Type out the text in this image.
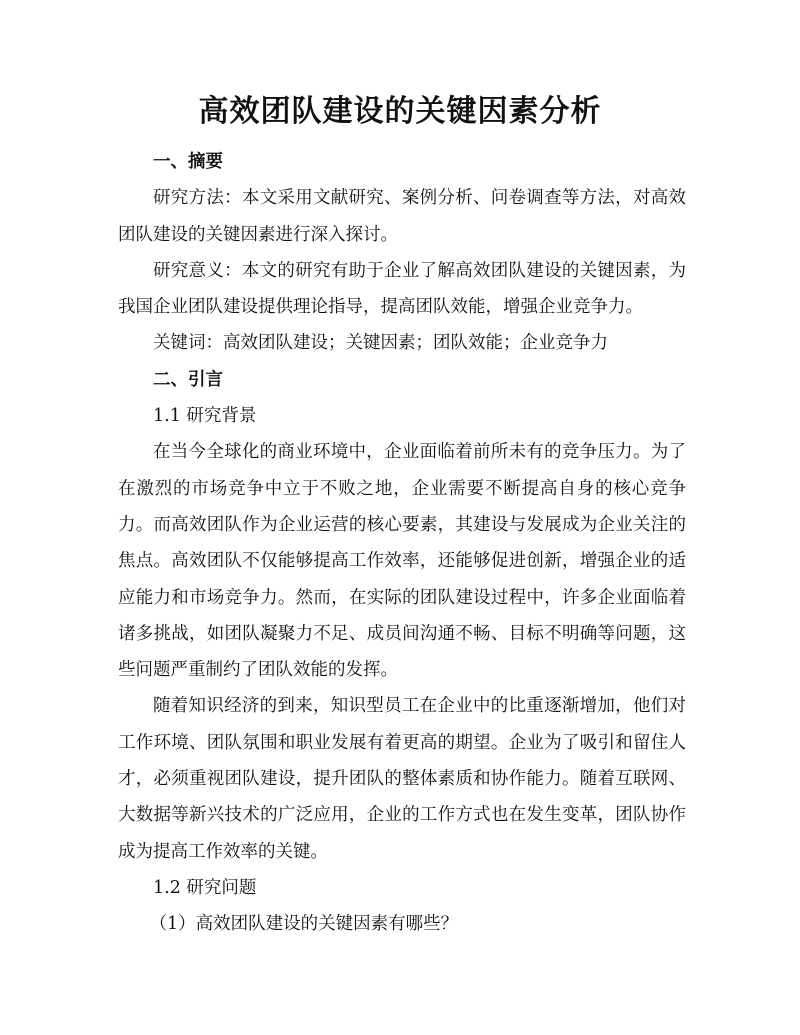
高效团队建设的关键因素分析

一、摘要

研究方法：本文采用文献研究、案例分析、问卷调查等方法，对高效团队建设的关键因素进行深入探讨。

研究意义：本文的研究有助于企业了解高效团队建设的关键因素，为我国企业团队建设提供理论指导，提高团队效能，增强企业竞争力。

关键词：高效团队建设；关键因素；团队效能；企业竞争力

二、引言

1.1 研究背景

在当今全球化的商业环境中，企业面临着前所未有的竞争压力。为了在激烈的市场竞争中立于不败之地，企业需要不断提高自身的核心竞争力。而高效团队作为企业运营的核心要素，其建设与发展成为企业关注的焦点。高效团队不仅能够提高工作效率，还能够促进创新，增强企业的适应能力和市场竞争力。然而，在实际的团队建设过程中，许多企业面临着诸多挑战，如团队凝聚力不足、成员间沟通不畅、目标不明确等问题，这些问题严重制约了团队效能的发挥。

随着知识经济的到来，知识型员工在企业中的比重逐渐增加，他们对工作环境、团队氛围和职业发展有着更高的期望。企业为了吸引和留住人才，必须重视团队建设，提升团队的整体素质和协作能力。随着互联网、大数据等新兴技术的广泛应用，企业的工作方式也在发生变革，团队协作成为提高工作效率的关键。

1.2 研究问题

（1）高效团队建设的关键因素有哪些？
